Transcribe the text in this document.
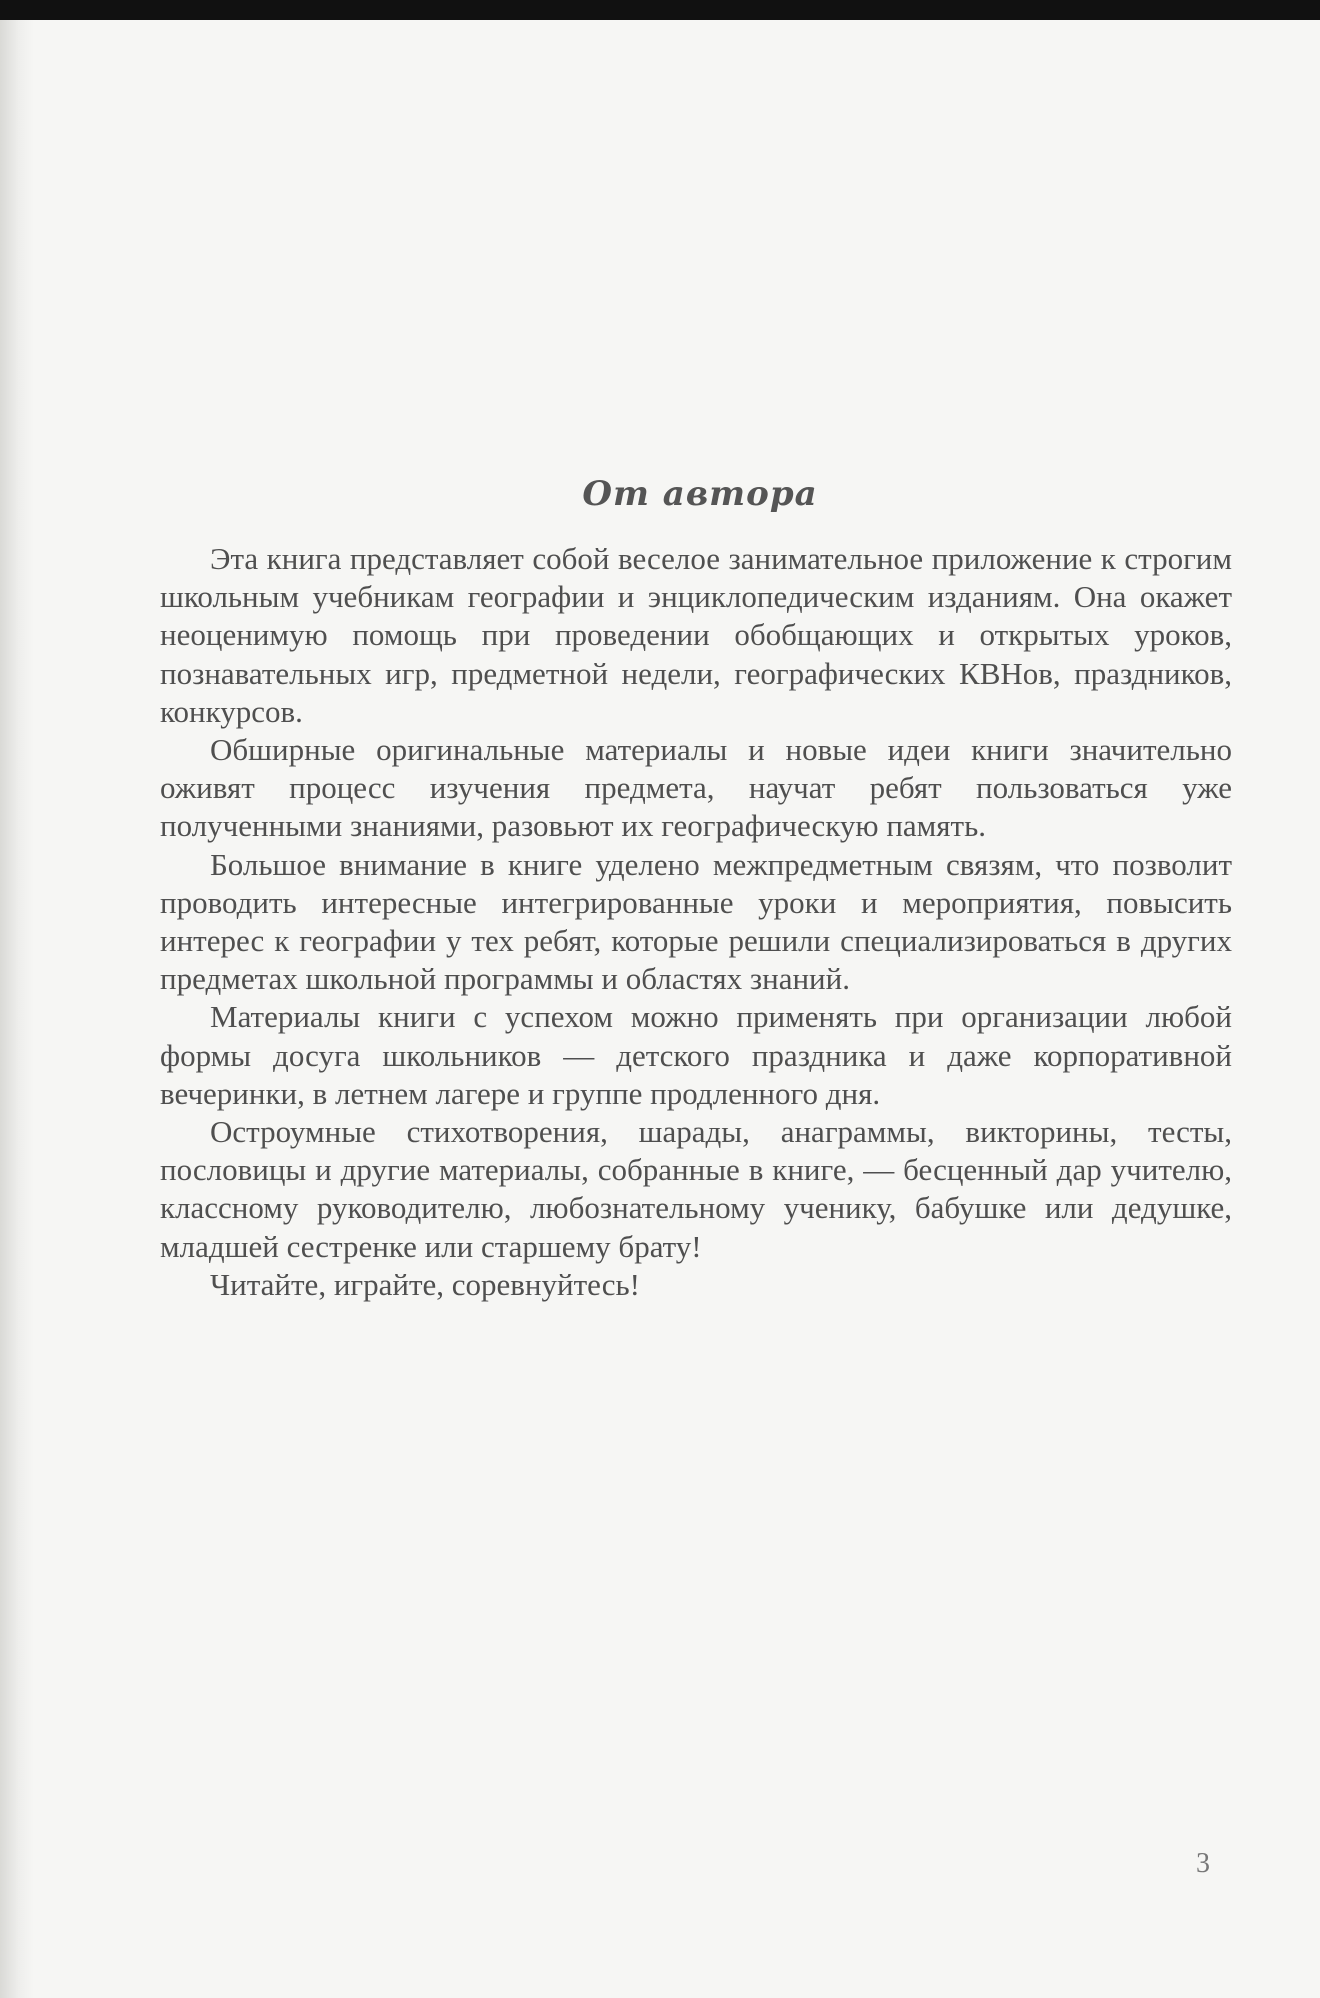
От автора

Эта книга представляет собой веселое занимательное приложение к строгим школьным учебникам географии и энциклопедическим изданиям. Она окажет неоценимую помощь при проведении обобщающих и открытых уроков, познавательных игр, предметной недели, географических КВНов, праздников, конкурсов.

Обширные оригинальные материалы и новые идеи книги значительно оживят процесс изучения предмета, научат ребят пользоваться уже полученными знаниями, разовьют их географическую память.

Большое внимание в книге уделено межпредметным связям, что позволит проводить интересные интегрированные уроки и мероприятия, повысить интерес к географии у тех ребят, которые решили специализироваться в других предметах школьной программы и областях знаний.

Материалы книги с успехом можно применять при организации любой формы досуга школьников — детского праздника и даже корпоративной вечеринки, в летнем лагере и группе продленного дня.

Остроумные стихотворения, шарады, анаграммы, викторины, тесты, пословицы и другие материалы, собранные в книге, — бесценный дар учителю, классному руководителю, любознательному ученику, бабушке или дедушке, младшей сестренке или старшему брату!

Читайте, играйте, соревнуйтесь!

3
